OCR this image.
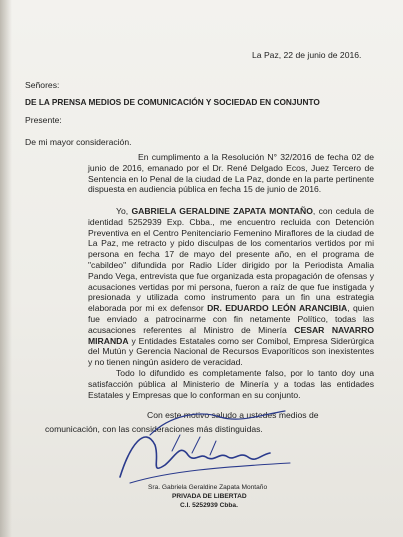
La Paz, 22 de junio de 2016.
Señores:
DE LA PRENSA MEDIOS DE COMUNICACIÓN Y SOCIEDAD EN CONJUNTO
Presente:
De mi mayor consideración.
En cumplimento a la Resolución N° 32/2016 de fecha 02 de junio de 2016, emanado por el Dr. René Delgado Ecos, Juez Tercero de Sentencia en lo Penal de la ciudad de La Paz, donde en la parte pertinente dispuesta en audiencia pública en fecha 15 de junio de 2016.
Yo, GABRIELA GERALDINE ZAPATA MONTAÑO, con cedula de identidad 5252939 Exp. Cbba., me encuentro recluida con Detención Preventiva en el Centro Penitenciario Femenino Miraflores de la ciudad de La Paz, me retracto y pido disculpas de los comentarios vertidos por mi persona en fecha 17 de mayo del presente año, en el programa de "cabildeo" difundida por Radio Líder dirigido por la Periodista Amalia Pando Vega, entrevista que fue organizada esta propagación de ofensas y acusaciones vertidas por mi persona, fueron a raíz de que fue instigada y presionada y utilizada como instrumento para un fin una estrategia elaborada por mi ex defensor DR. EDUARDO LEÓN ARANCIBIA, quien fue enviado a patrocinarme con fin netamente Político, todas las acusaciones referentes al Ministro de Minería CESAR NAVARRO MIRANDA y Entidades Estatales como ser Comibol, Empresa Siderúrgica del Mutún y Gerencia Nacional de Recursos Evaporíticos son inexistentes y no tienen ningún asidero de veracidad.
Todo lo difundido es completamente falso, por lo tanto doy una satisfacción pública al Ministerio de Minería y a todas las entidades Estatales y Empresas que lo conforman en su conjunto.
Con este motivo saludo a ustedes medios de
comunicación, con las consideraciones más distinguidas.
Sra. Gabriela Geraldine Zapata Montaño
PRIVADA DE LIBERTAD
C.I. 5252939 Cbba.
